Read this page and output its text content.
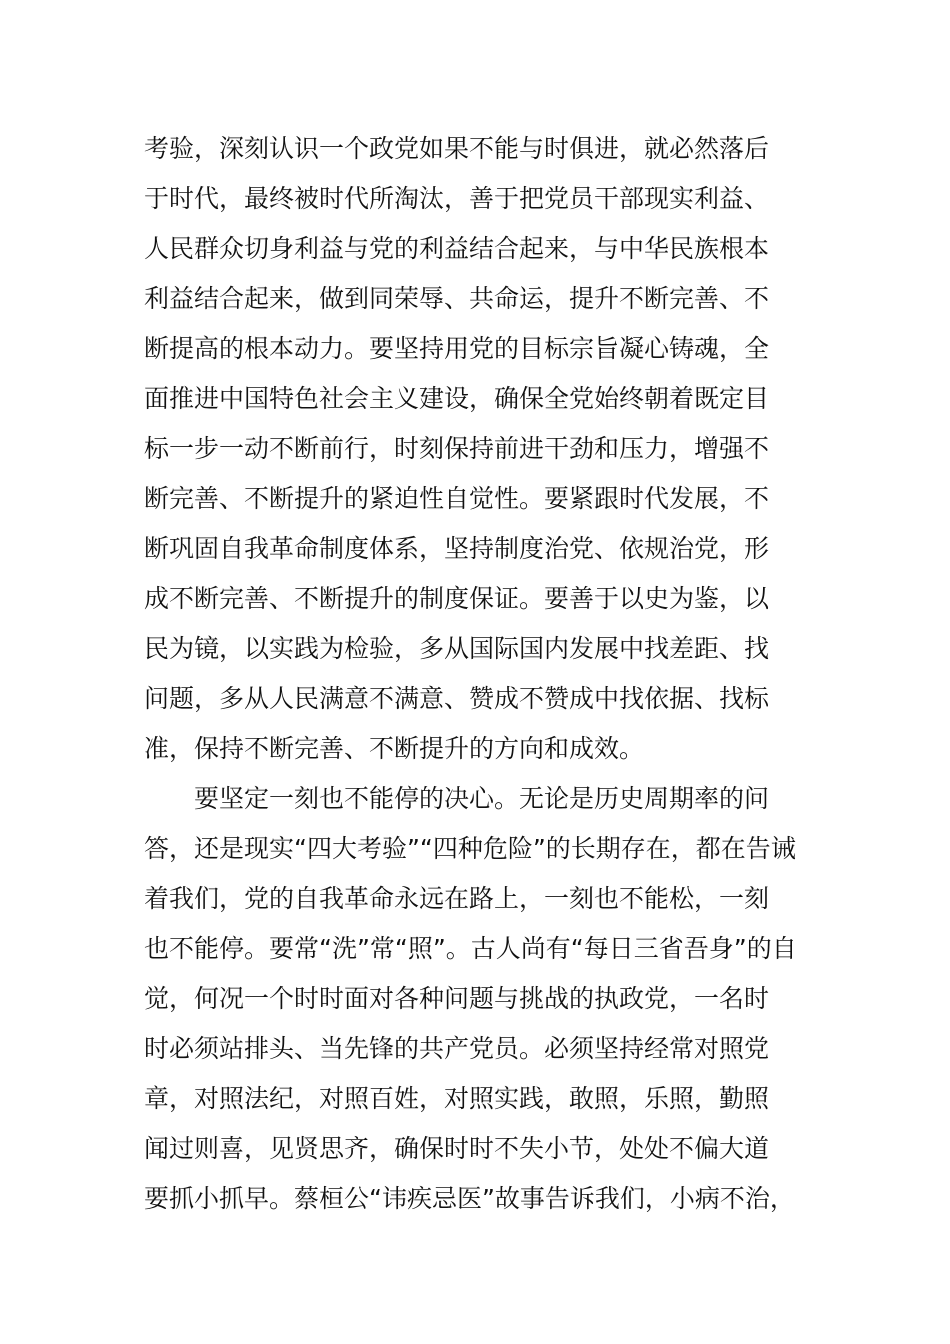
考验，深刻认识一个政党如果不能与时俱进，就必然落后
于时代，最终被时代所淘汰，善于把党员干部现实利益、
人民群众切身利益与党的利益结合起来，与中华民族根本
利益结合起来，做到同荣辱、共命运，提升不断完善、不
断提高的根本动力。要坚持用党的目标宗旨凝心铸魂，全
面推进中国特色社会主义建设，确保全党始终朝着既定目
标一步一动不断前行，时刻保持前进干劲和压力，增强不
断完善、不断提升的紧迫性自觉性。要紧跟时代发展，不
断巩固自我革命制度体系，坚持制度治党、依规治党，形
成不断完善、不断提升的制度保证。要善于以史为鉴，以
民为镜，以实践为检验，多从国际国内发展中找差距、找
问题，多从人民满意不满意、赞成不赞成中找依据、找标
准，保持不断完善、不断提升的方向和成效。
　　要坚定一刻也不能停的决心。无论是历史周期率的问
答，还是现实“四大考验”“四种危险”的长期存在，都在告诫
着我们，党的自我革命永远在路上，一刻也不能松，一刻
也不能停。要常“洗”常“照”。古人尚有“每日三省吾身”的自
觉，何况一个时时面对各种问题与挑战的执政党，一名时
时必须站排头、当先锋的共产党员。必须坚持经常对照党
章，对照法纪，对照百姓，对照实践，敢照，乐照，勤照
闻过则喜，见贤思齐，确保时时不失小节，处处不偏大道
要抓小抓早。蔡桓公“讳疾忌医”故事告诉我们，小病不治，
